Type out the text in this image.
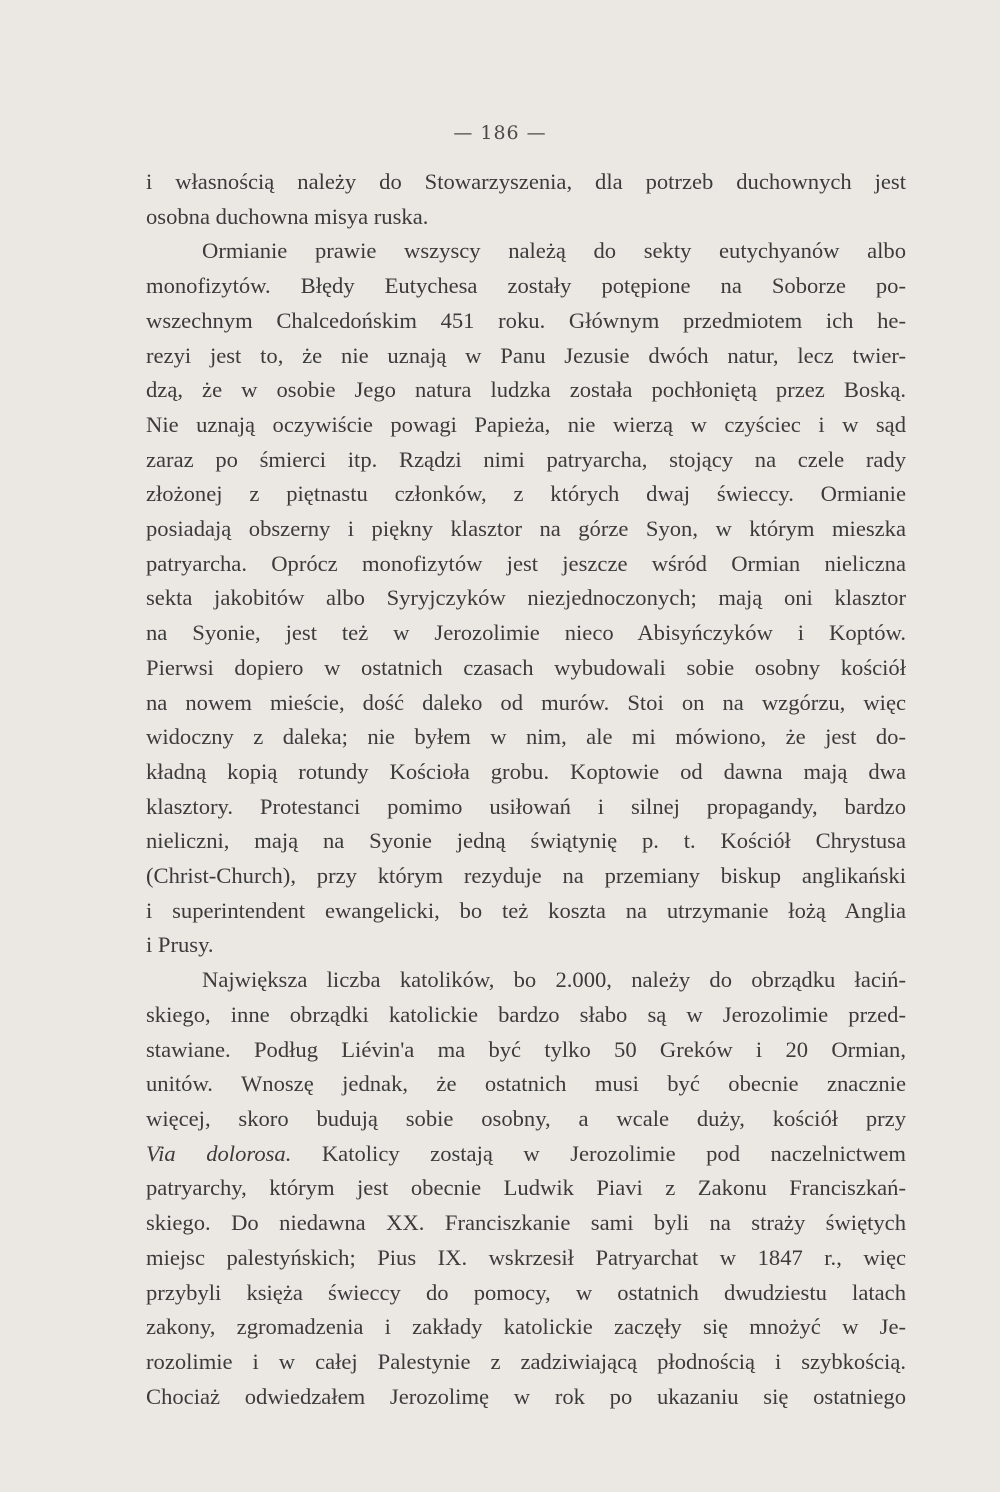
— 186 —
i własnością należy do Stowarzyszenia, dla potrzeb duchownych jest
osobna duchowna misya ruska.
Ormianie prawie wszyscy należą do sekty eutychyanów albo
monofizytów. Błędy Eutychesa zostały potępione na Soborze po-
wszechnym Chalcedońskim 451 roku. Głównym przedmiotem ich he-
rezyi jest to, że nie uznają w Panu Jezusie dwóch natur, lecz twier-
dzą, że w osobie Jego natura ludzka została pochłoniętą przez Boską.
Nie uznają oczywiście powagi Papieża, nie wierzą w czyściec i w sąd
zaraz po śmierci itp. Rządzi nimi patryarcha, stojący na czele rady
złożonej z piętnastu członków, z których dwaj świeccy. Ormianie
posiadają obszerny i piękny klasztor na górze Syon, w którym mieszka
patryarcha. Oprócz monofizytów jest jeszcze wśród Ormian nieliczna
sekta jakobitów albo Syryjczyków niezjednoczonych; mają oni klasztor
na Syonie, jest też w Jerozolimie nieco Abisyńczyków i Koptów.
Pierwsi dopiero w ostatnich czasach wybudowali sobie osobny kościół
na nowem mieście, dość daleko od murów. Stoi on na wzgórzu, więc
widoczny z daleka; nie byłem w nim, ale mi mówiono, że jest do-
kładną kopią rotundy Kościoła grobu. Koptowie od dawna mają dwa
klasztory. Protestanci pomimo usiłowań i silnej propagandy, bardzo
nieliczni, mają na Syonie jedną świątynię p. t. Kościół Chrystusa
(Christ-Church), przy którym rezyduje na przemiany biskup anglikański
i superintendent ewangelicki, bo też koszta na utrzymanie łożą Anglia
i Prusy.
Największa liczba katolików, bo 2.000, należy do obrządku łaciń-
skiego, inne obrządki katolickie bardzo słabo są w Jerozolimie przed-
stawiane. Podług Liévin'a ma być tylko 50 Greków i 20 Ormian,
unitów. Wnoszę jednak, że ostatnich musi być obecnie znacznie
więcej, skoro budują sobie osobny, a wcale duży, kościół przy
Via dolorosa. Katolicy zostają w Jerozolimie pod naczelnictwem
patryarchy, którym jest obecnie Ludwik Piavi z Zakonu Franciszkań-
skiego. Do niedawna XX. Franciszkanie sami byli na straży świętych
miejsc palestyńskich; Pius IX. wskrzesił Patryarchat w 1847 r., więc
przybyli księża świeccy do pomocy, w ostatnich dwudziestu latach
zakony, zgromadzenia i zakłady katolickie zaczęły się mnożyć w Je-
rozolimie i w całej Palestynie z zadziwiającą płodnością i szybkością.
Chociaż odwiedzałem Jerozolimę w rok po ukazaniu się ostatniego
